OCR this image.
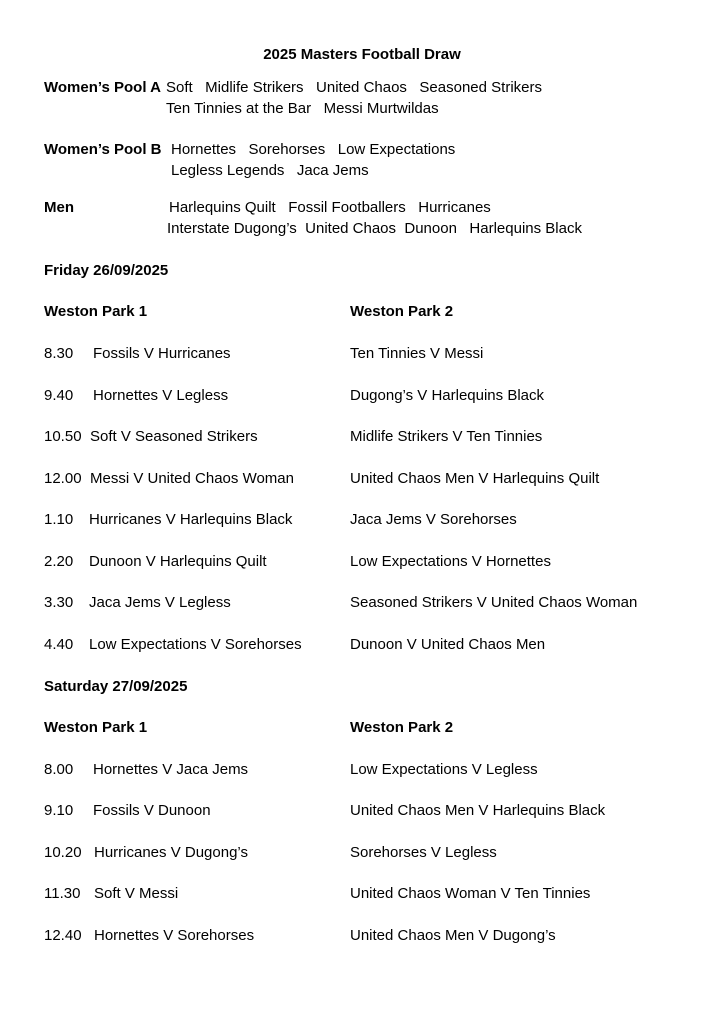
2025 Masters Football Draw
Women’s Pool A Soft   Midlife Strikers   United Chaos   Seasoned Strikers
Ten Tinnies at the Bar   Messi Murtwildas
Women’s Pool B Hornettes   Sorehorses   Low Expectations
Legless Legends   Jaca Jems
Men	Harlequins Quilt   Fossil Footballers   Hurricanes
Interstate Dugong’s  United Chaos  Dunoon   Harlequins Black
Friday 26/09/2025
Weston Park 1	Weston Park 2
8.30 Fossils V Hurricanes	Ten Tinnies V Messi
9.40 Hornettes V Legless	Dugong’s V Harlequins Black
10.50 Soft V Seasoned Strikers	Midlife Strikers V Ten Tinnies
12.00 Messi V United Chaos Woman	United Chaos Men V Harlequins Quilt
1.10 Hurricanes V Harlequins Black	Jaca Jems V Sorehorses
2.20 Dunoon V Harlequins Quilt	Low Expectations V Hornettes
3.30 Jaca Jems V Legless	Seasoned Strikers V United Chaos Woman
4.40 Low Expectations V Sorehorses	Dunoon V United Chaos Men
Saturday 27/09/2025
Weston Park 1	Weston Park 2
8.00 Hornettes V Jaca Jems	Low Expectations V Legless
9.10 Fossils V Dunoon	United Chaos Men V Harlequins Black
10.20 Hurricanes V Dugong’s	Sorehorses V Legless
11.30 Soft V Messi	United Chaos Woman V Ten Tinnies
12.40 Hornettes V Sorehorses	United Chaos Men V Dugong’s
